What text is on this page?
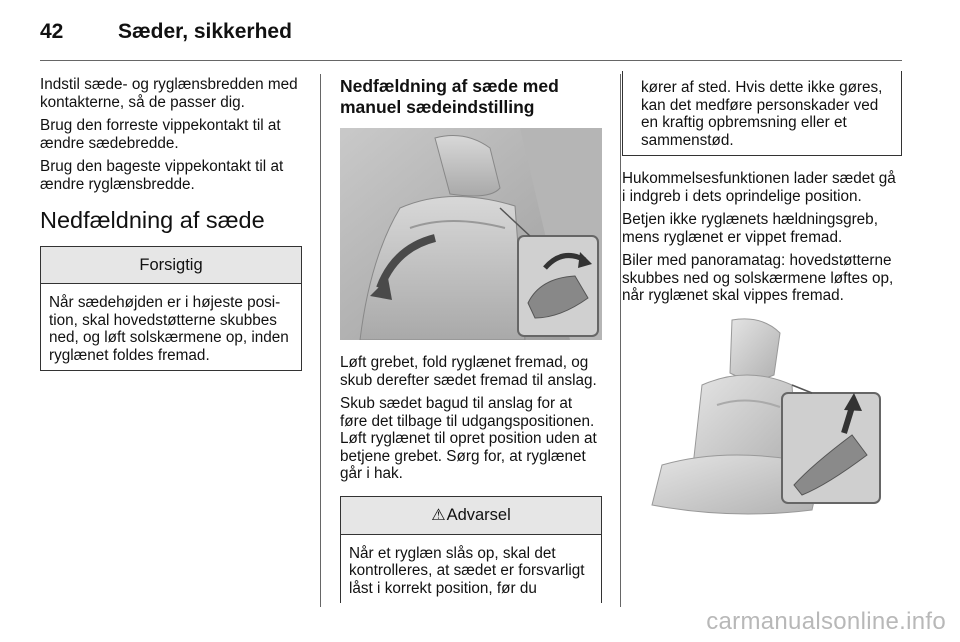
42	Sæder, sikkerhed

Indstil sæde- og ryglænsbredden med kontakterne, så de passer dig.

Brug den forreste vippekontakt til at ændre sædebredde.

Brug den bageste vippekontakt til at ændre ryglænsbredde.

Nedfældning af sæde
Forsigtig
Når sædehøjden er i højeste position, skal hovedstøtterne skubbes ned, og løft solskærmene op, inden ryglænet foldes fremad.
Nedfældning af sæde med manuel sædeindstilling

Løft grebet, fold ryglænet fremad, og skub derefter sædet fremad til anslag.

Skub sædet bagud til anslag for at føre det tilbage til udgangspositionen. Løft ryglænet til opret position uden at betjene grebet. Sørg for, at ryglænet går i hak.

⚠Advarsel
Når et ryglæn slås op, skal det kontrolleres, at sædet er forsvarligt låst i korrekt position, før du
kører af sted. Hvis dette ikke gøres, kan det medføre personskader ved en kraftig opbremsning eller et sammenstød.

Hukommelsesfunktionen lader sædet gå i indgreb i dets oprindelige position.

Betjen ikke ryglænets hældningsgreb, mens ryglænet er vippet fremad.

Biler med panoramatag: hovedstøtterne skubbes ned og solskærmene løftes op, når ryglænet skal vippes fremad.

carmanualsonline.info
